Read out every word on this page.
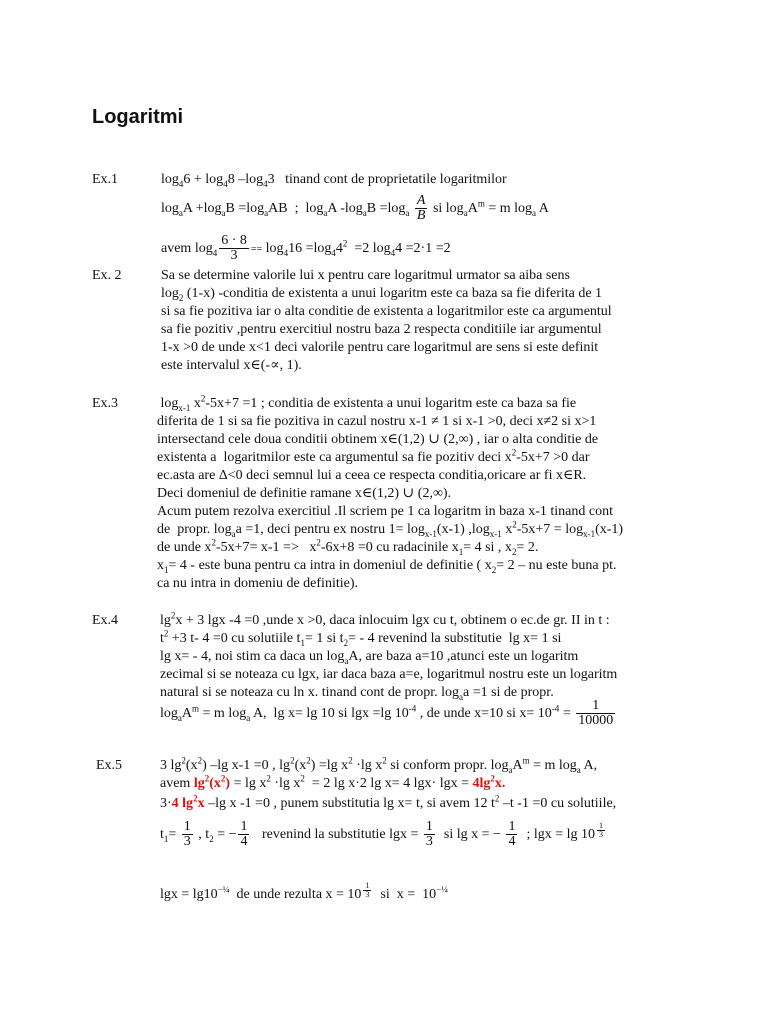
Logaritmi
Ex.1	$\log_46 + \log_48$ $-\log_43$   tinand cont de proprietatile logaritmilor
$\log_aA +\log_aB =\log_aAB$  ;  $\log_aA$ $-\log_aB =\log_a \frac{A}{B}$ si $\log_aA^m = m$ $\log_a A$
avem $\log_4 \frac{6 \cdot 8}{3} == \log_416 =\log_44^2 =2$ $\log_44 =2\cdot 1 =2$
Ex. 2	Sa se determine valorile lui x pentru care logaritmul urmator sa aiba sens
$\log_2 (1-x)$ -conditia de existenta a unui logaritm este ca baza sa fie diferita de 1
si sa fie pozitiva iar o alta conditie de existenta a logaritmilor este ca argumentul
sa fie pozitiv ,pentru exercitiul nostru baza 2 respecta conditiile iar argumentul
1-x >0 de unde x<1 deci valorile pentru care logaritmul are sens si este definit
este intervalul x∈(-∝, 1).
Ex.3	$\log_{x-1} x^2-5x+7 =1$ ; conditia de existenta a unui logaritm este ca baza sa fie
diferita de 1 si sa fie pozitiva in cazul nostru x-1 ≠ 1 si x-1 >0, deci x≠2 si x>1
intersectand cele doua conditii obtinem x∈(1,2) ∪ (2,∞) , iar o alta conditie de
existenta a  logaritmilor este ca argumentul sa fie pozitiv deci $x^2-5x+7 >0$ dar
ec.asta are Δ<0 deci semnul lui a ceea ce respecta conditia,oricare ar fi x∈R.
Deci domeniul de definitie ramane x∈(1,2) ∪ (2,∞).
Acum putem rezolva exercitiul .Il scriem pe 1 ca logaritm in baza x-1 tinand cont
de  propr. $\log_aa =1$, deci pentru ex nostru $1= \log_{x-1}(x-1)$ $,\log_{x-1}$ $x^2-5x+7 = \log_{x-1}(x-1)$
de unde $x^2-5x+7= x-1 => x^2-6x+8 =0$ cu radacinile $x_1= 4$ si , $x_2= 2$.
$x_1= 4$ - este buna pentru ca intra in domeniul de definitie ( $x_2= 2$ – nu este buna pt.
ca nu intra in domeniu de definitie).
Ex.4	$\lg^2x + 3$ lgx -4 =0 ,unde x >0, daca inlocuim lgx cu t, obtinem o ec.de gr. II in t :
$t^2 +3$ t- 4 =0 cu solutiile $t_1= 1$ si $t_2= - 4$ revenind la substitutie  lg x= 1 si
lg x= - 4, noi stim ca daca un $\log_aA$, are baza a=10 ,atunci este un logaritm
zecimal si se noteaza cu lgx, iar daca baza a=e, logaritmul nostru este un logaritm
natural si se noteaza cu ln x. tinand cont de propr. $\log_aa =1$ si de propr.
$\log_aA^m = m$ $\log_a A$,  lg x= lg 10 si lgx =lg $10^{-4}$ , de unde x=10 si $x= 10^{-4} = \frac{1}{10000}$
Ex.5	3 $\lg^2(x^2)$ –lg x-1 =0 , $\lg^2(x^2) =\lg$ $x^2 \cdot\lg$ $x^2$ si conform propr. $\log_aA^m = m$ $\log_a A$,
avem $\lg^2(x^2) = \lg x^2 \cdot\lg$ $x^2 = 2$ lg x·2 lg x= 4 $\lg x\cdot \lg x = 4\lg^2x$.
3·4 $\lg^2x$ –lg x -1 =0 , punem substitutia lg x= t, si avem 12 $t^2$ –t -1 =0 cu solutiile,
$t_1= \frac{1}{3}$ , $t_2$ = − $\frac{1}{4}$ revenind la substitutie $\lg x = \frac{1}{3}$ si lg x = − $\frac{1}{4}$ ; lgx = lg 10 $^{\frac{1}{3}}$
$\lg x = \lg 10^{-\frac{1}{4}}$  de unde rezulta x = 10 $^{\frac{1}{3}}$ si  $x = 10^{-\frac{1}{4}}$
